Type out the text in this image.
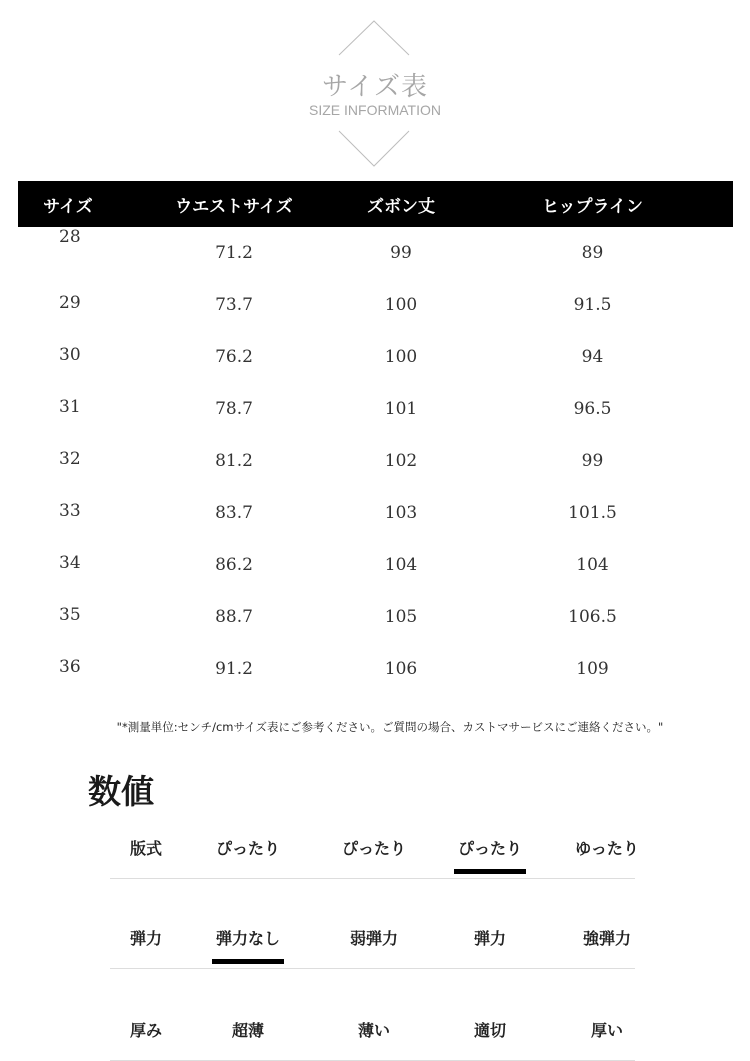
サイズ表
SIZE INFORMATION
サイズ	ウエストサイズ	ズボン丈	ヒップライン
28	71.2	99	89
29	73.7	100	91.5
30	76.2	100	94
31	78.7	101	96.5
32	81.2	102	99
33	83.7	103	101.5
34	86.2	104	104
35	88.7	105	106.5
36	91.2	106	109
"*測量単位:センチ/cmサイズ表にご参考ください。ご質問の場合、カストマサービスにご連絡ください。"
数値
版式	ぴったり	ぴったり	ぴったり	ゆったり
弾力	弾力なし	弱弾力	弾力	強弾力
厚み	超薄	薄い	適切	厚い
